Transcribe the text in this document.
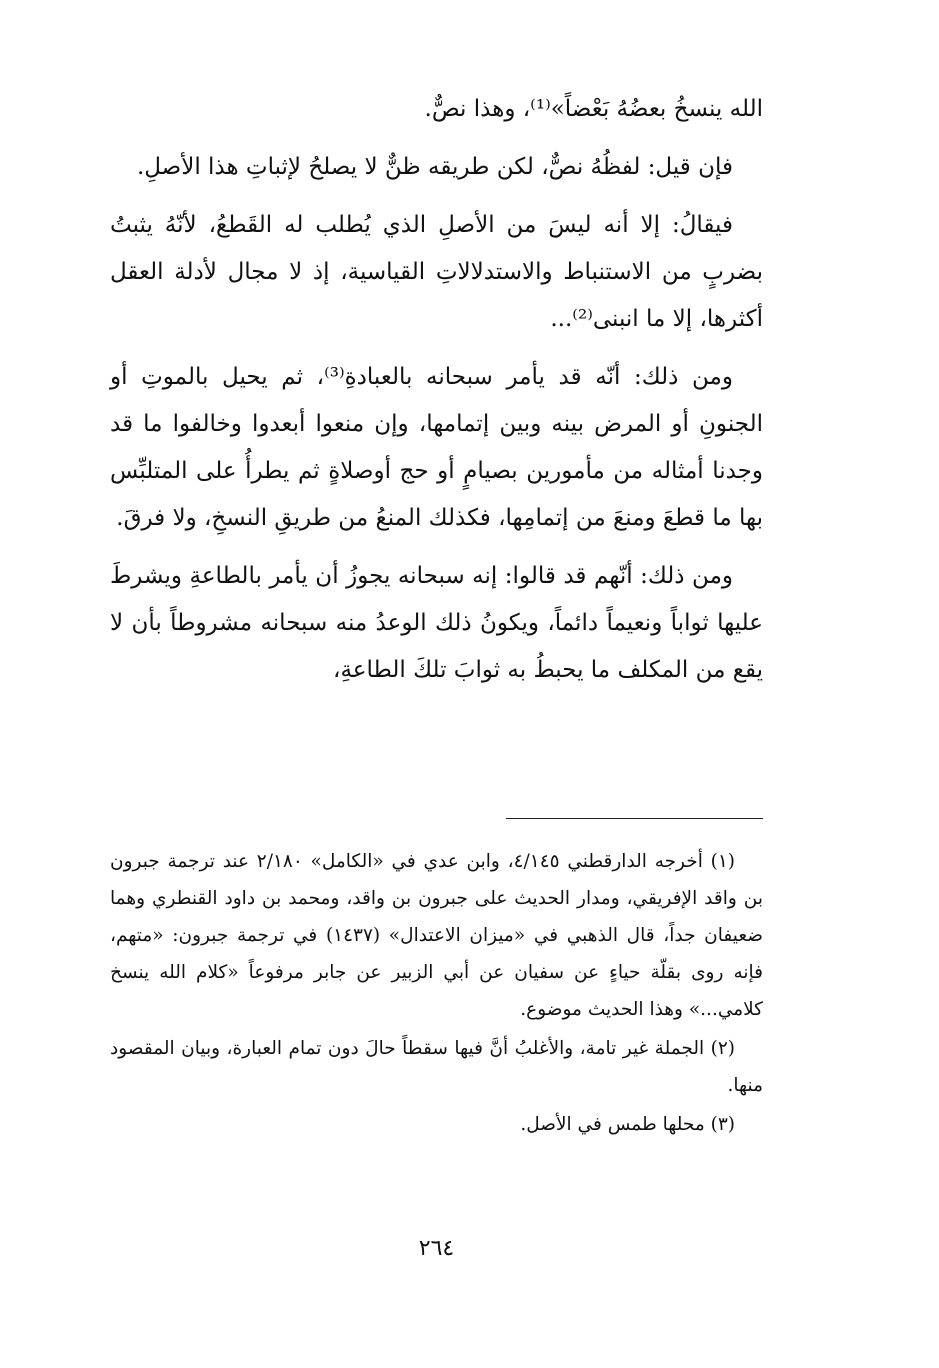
الله ينسخُ بعضُهُ بَعْضاً»⁽¹⁾، وهذا نصٌّ.

فإن قيل: لفظُهُ نصٌّ، لكن طريقه ظنٌّ لا يصلحُ لإثباتِ هذا الأصلِ.

فيقالُ: إلا أنه ليسَ من الأصلِ الذي يُطلب له القَطعُ، لأنّهُ يثبتُ بضربٍ من الاستنباط والاستدلالاتِ القياسية، إذ لا مجال لأدلة العقل أكثرها، إلا ما انبنى⁽²⁾...

ومن ذلك: أنّه قد يأمر سبحانه بالعبادةِ⁽³⁾، ثم يحيل بالموتِ أو الجنونِ أو المرض بينه وبين إتمامها، وإن منعوا أبعدوا وخالفوا ما قد وجدنا أمثاله من مأمورين بصيامٍ أو حج أوصلاةٍ ثم يطرأُ على المتلبِّس بها ما قطعَ ومنعَ من إتمامِها، فكذلك المنعُ من طريقِ النسخِ، ولا فرقَ.

ومن ذلك: أنّهم قد قالوا: إنه سبحانه يجوزُ أن يأمر بالطاعةِ ويشرطَ عليها ثواباً ونعيماً دائماً، ويكونُ ذلك الوعدُ منه سبحانه مشروطاً بأن لا يقع من المكلف ما يحبطُ به ثوابَ تلكَ الطاعةِ،

(١) أخرجه الدارقطني ٤/١٤٥، وابن عدي في «الكامل» ٢/١٨٠ عند ترجمة جبرون بن واقد الإفريقي، ومدار الحديث على جبرون بن واقد، ومحمد بن داود القنطري وهما ضعيفان جداً، قال الذهبي في «ميزان الاعتدال» (١٤٣٧) في ترجمة جبرون: «متهم، فإنه روى بقلّة حياءٍ عن سفيان عن أبي الزبير عن جابر مرفوعاً «كلام الله ينسخ كلامي...» وهذا الحديث موضوع.

(٢) الجملة غير تامة، والأغلبُ أنَّ فيها سقطاً حالَ دون تمام العبارة، وبيان المقصود منها.

(٣) محلها طمس في الأصل.

٢٦٤
